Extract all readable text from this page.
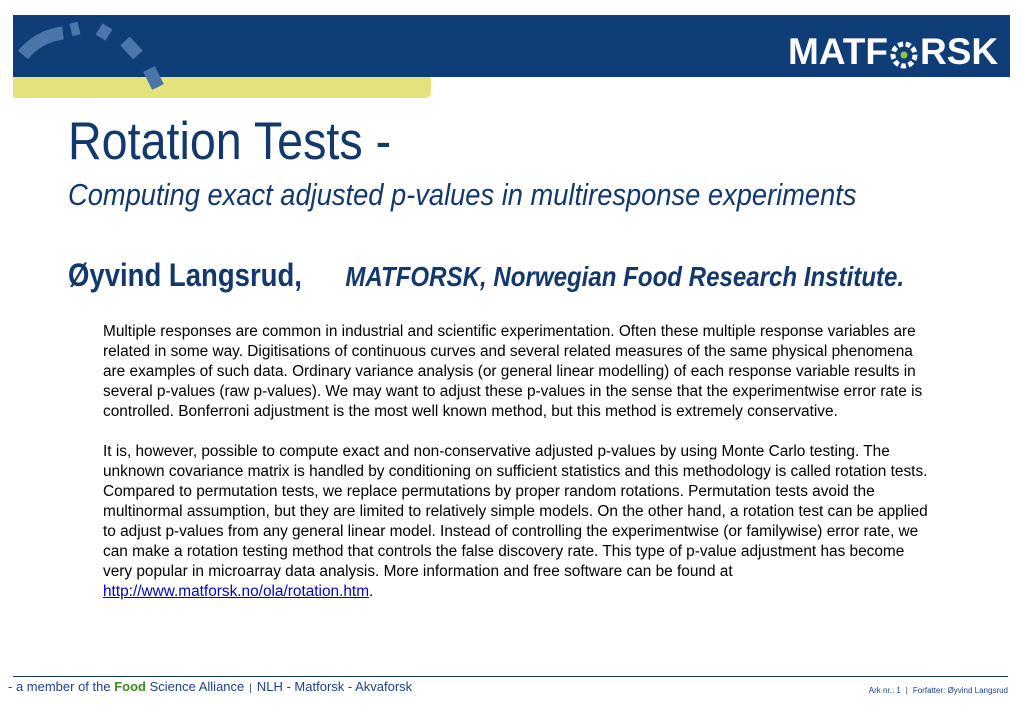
MATF RSK
Rotation Tests -
Computing exact adjusted p-values in multiresponse experiments
Øyvind Langsrud, MATFORSK, Norwegian Food Research Institute.

Multiple responses are common in industrial and scientific experimentation. Often these multiple response variables are related in some way. Digitisations of continuous curves and several related measures of the same physical phenomena are examples of such data. Ordinary variance analysis (or general linear modelling) of each response variable results in several p-values (raw p-values). We may want to adjust these p-values in the sense that the experimentwise error rate is controlled. Bonferroni adjustment is the most well known method, but this method is extremely conservative.

It is, however, possible to compute exact and non-conservative adjusted p-values by using Monte Carlo testing. The unknown covariance matrix is handled by conditioning on sufficient statistics and this methodology is called rotation tests. Compared to permutation tests, we replace permutations by proper random rotations. Permutation tests avoid the multinormal assumption, but they are limited to relatively simple models. On the other hand, a rotation test can be applied to adjust p-values from any general linear model. Instead of controlling the experimentwise (or familywise) error rate, we can make a rotation testing method that controls the false discovery rate. This type of p-value adjustment has become very popular in microarray data analysis. More information and free software can be found at
http://www.matforsk.no/ola/rotation.htm.

- a member of the Food Science Alliance | NLH - Matforsk - Akvaforsk	Ark nr.: 1 | Forfatter: Øyvind Langsrud
